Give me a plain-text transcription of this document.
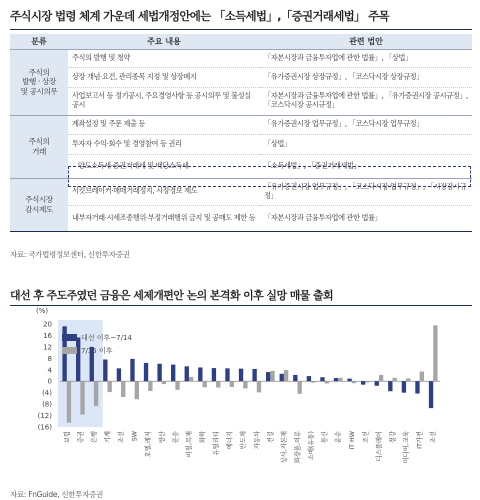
주식시장 법령 체계 가운데 세법개정안에는 「소득세법」,「증권거래세법」 주목
분류	주요 내용	관련 법안
주식의
발행 · 상장
및 공시의무	주식의 발행 및 청약	「자본시장과 금융투자업에 관한 법률」, 「상법」
	상장 개념·요건, 관리종목 지정 및 상장폐지	「유가증권시장 상장규정」, 「코스닥시장 상장규정」
	사업보고서 등 정기공시, 주요경영사항 등 공시의무 및 불성실공시	「자본시장과 금융투자업에 관한 법률」, 「유가증권시장 공시규정」, 「코스닥시장 공시규정」
주식의
거래	계좌설정 및 주문 제출 등	「유가증권시장 업무규정」, 「코스닥시장 업무규정」
	투자자 수익·회수 및 경영참여 등 권리	「상법」
	양도소득세·증권거래세 및 배당소득세	「소득세법」, 「증권거래세법」
주식시장
감시제도	서킷브레이커·매매거래정지, 시장경보 제도	「유가증권시장 업무규정」, 「코스닥시장 업무규정」, 「시장감시규정」
	내부자거래·시세조종행위·부정거래행위 금지 및 공매도 제한 등	「자본시장과 금융투자업에 관한 법률」
자료: 국가법령정보센터, 신한투자증권
대선 후 주도주였던 금융은 세제개편안 논의 본격화 이후 실망 매물 출회
(%)
20
16
12
8
4
0
(4)
(8)
(12)
(16)
보험	증권	은행	기계	조선 SW	호텔,레저	방산	운송	비철,목재	화학	유틸리티	에너지	반도체	자동차	건설	상사,자본재	화장품,의류	소매(유통)	통신	운송 IT HW	조선	디스플레이	철강	미디어,교육	IT가전	조선
대선 이후~7/14
7/15 이후
자료: FnGuide, 신한투자증권
